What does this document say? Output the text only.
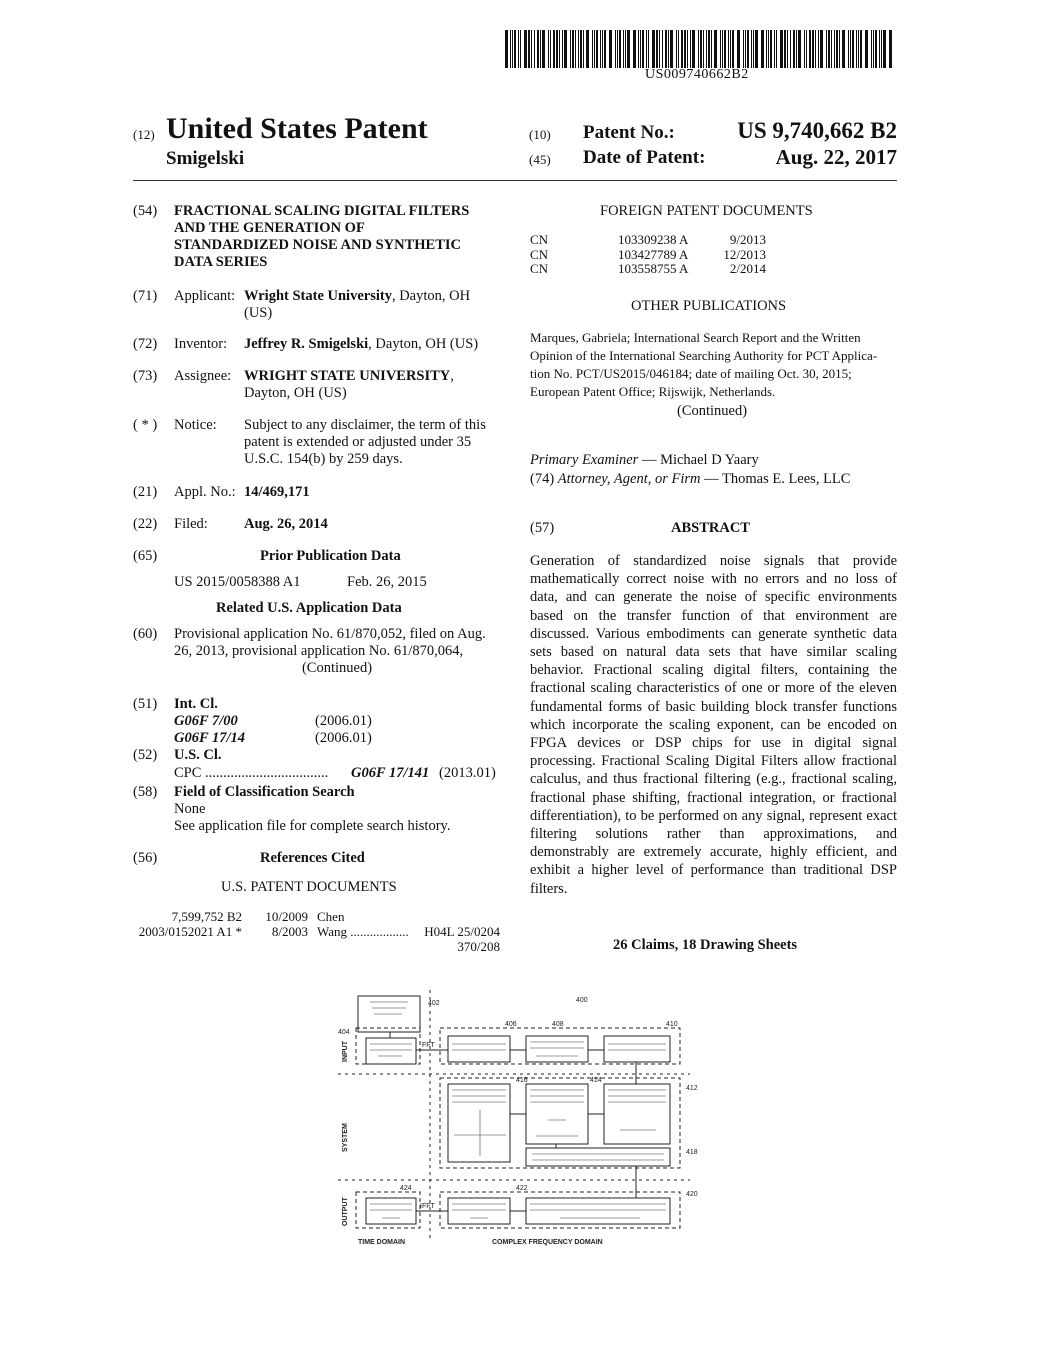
US009740662B2
(12) United States Patent
Smigelski
(10) Patent No.:	US 9,740,662 B2
(45) Date of Patent:	Aug. 22, 2017
(54) FRACTIONAL SCALING DIGITAL FILTERS
AND THE GENERATION OF
STANDARDIZED NOISE AND SYNTHETIC
DATA SERIES
(71) Applicant: Wright State University, Dayton, OH
(US)
(72) Inventor: Jeffrey R. Smigelski, Dayton, OH (US)
(73) Assignee: WRIGHT STATE UNIVERSITY,
Dayton, OH (US)
( * ) Notice: Subject to any disclaimer, the term of this
patent is extended or adjusted under 35
U.S.C. 154(b) by 259 days.
(21) Appl. No.: 14/469,171
(22) Filed: Aug. 26, 2014
(65)	Prior Publication Data
US 2015/0058388 A1	Feb. 26, 2015
Related U.S. Application Data
(60) Provisional application No. 61/870,052, filed on Aug.
26, 2013, provisional application No. 61/870,064,
(Continued)
(51) Int. Cl.
G06F 7/00	(2006.01)
G06F 17/14	(2006.01)
(52) U.S. Cl.
CPC .................................. G06F 17/141 (2013.01)
(58) Field of Classification Search
None
See application file for complete search history.
(56)	References Cited
U.S. PATENT DOCUMENTS
7,599,752 B2	10/2009 Chen
2003/0152021 A1 *	8/2003 Wang ..................	H04L 25/0204
370/208
FOREIGN PATENT DOCUMENTS
CN	103309238 A	9/2013
CN	103427789 A	12/2013
CN	103558755 A	2/2014
OTHER PUBLICATIONS
Marques, Gabriela; International Search Report and the Written
Opinion of the International Searching Authority for PCT Applica-
tion No. PCT/US2015/046184; date of mailing Oct. 30, 2015;
European Patent Office; Rijswijk, Netherlands.
(Continued)
Primary Examiner — Michael D Yaary
(74) Attorney, Agent, or Firm — Thomas E. Lees, LLC
(57)	ABSTRACT
Generation of standardized noise signals that provide mathematically correct noise with no errors and no loss of data, and can generate the noise of specific environments based on the transfer function of that environment are discussed. Various embodiments can generate synthetic data sets based on natural data sets that have similar scaling behavior. Fractional scaling digital filters, containing the fractional scaling characteristics of one or more of the eleven fundamental forms of basic building block transfer functions which incorporate the scaling exponent, can be encoded on FPGA devices or DSP chips for use in digital signal processing. Fractional Scaling Digital Filters allow fractional calculus, and thus fractional filtering (e.g., fractional scaling, fractional phase shifting, fractional integration, or fractional differentiation), to be performed on any signal, represent exact filtering solutions rather than approximations, and demonstrably are extremely accurate, highly efficient, and exhibit a higher level of performance than traditional DSP filters.
26 Claims, 18 Drawing Sheets
402
404
406	408	410
412
414
416
418
420
422
424
400
FFT
IFFT
INPUT
SYSTEM
OUTPUT
TIME DOMAIN	COMPLEX FREQUENCY DOMAIN
